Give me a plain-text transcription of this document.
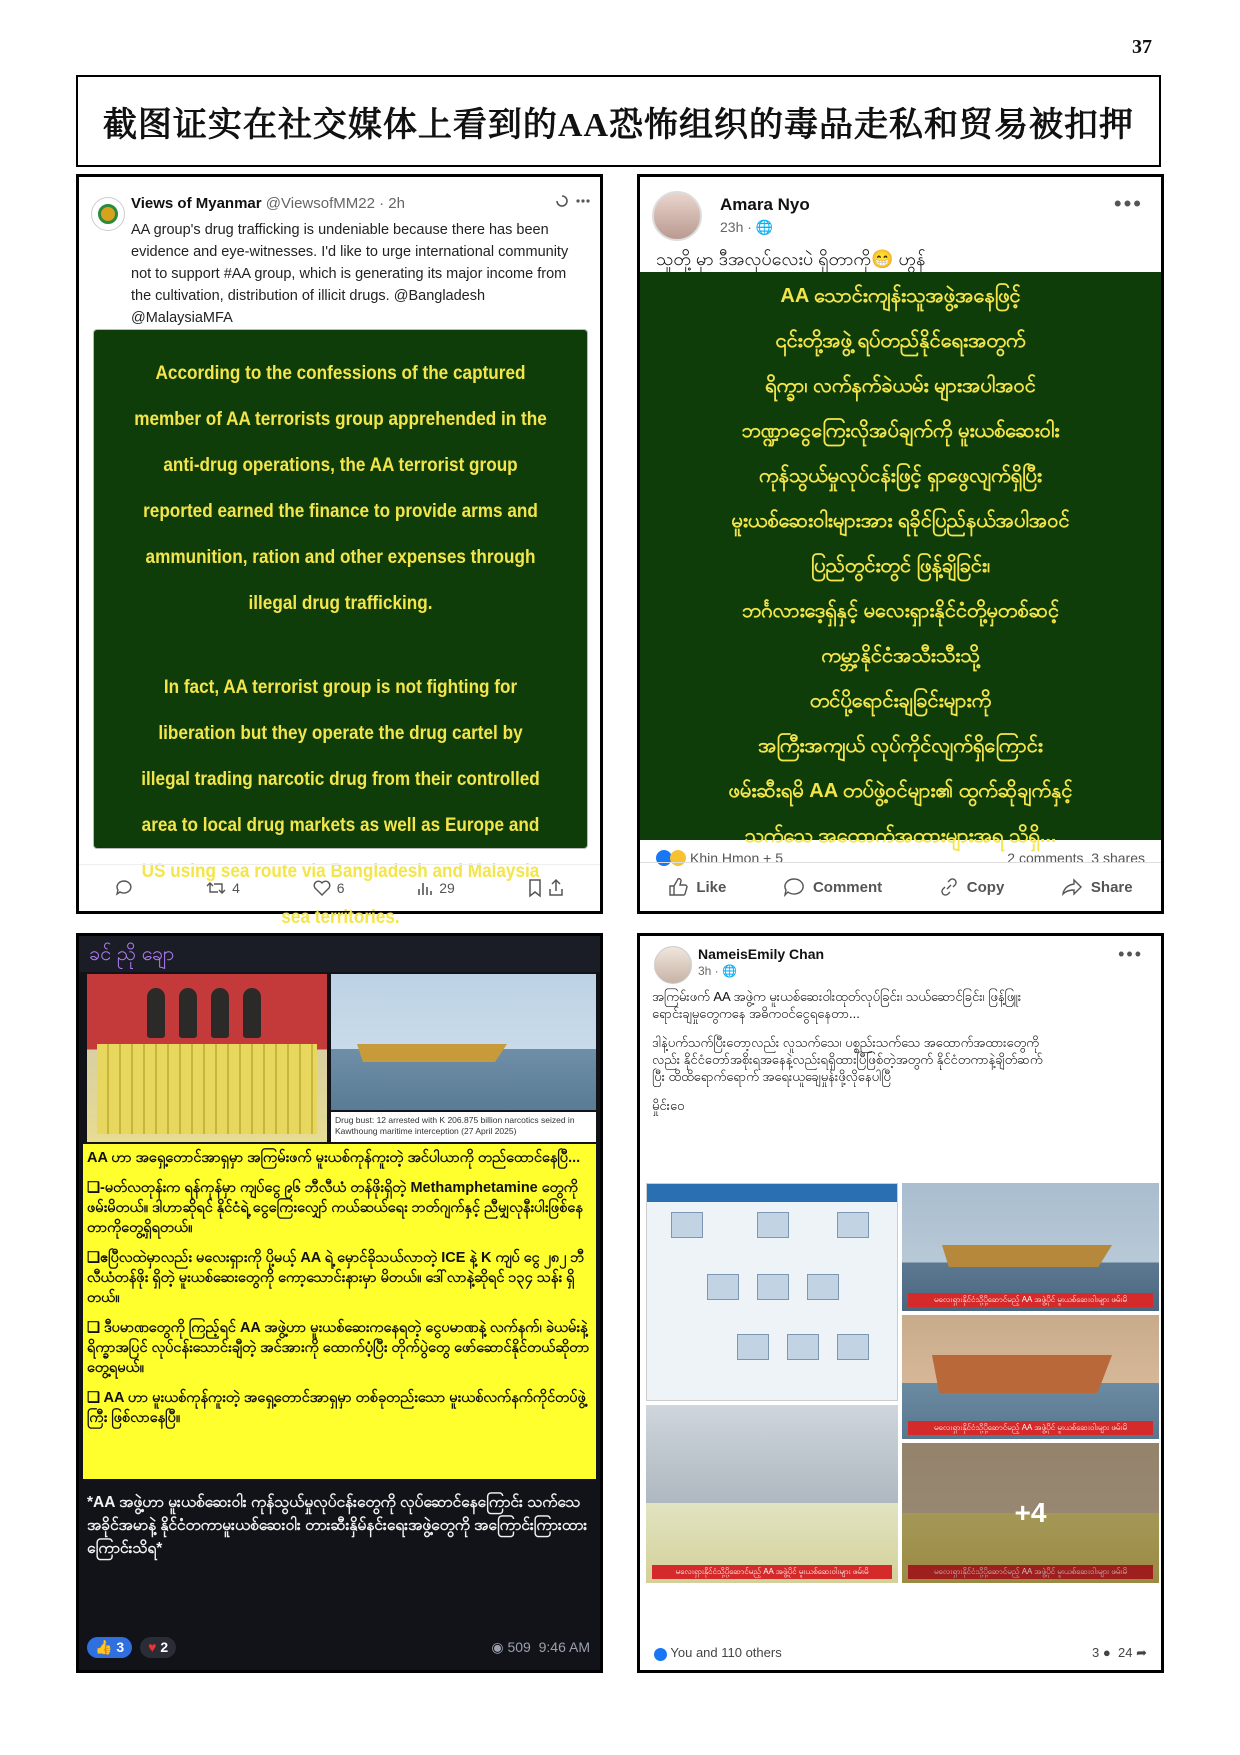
37
截图证实在社交媒体上看到的AA恐怖组织的毒品走私和贸易被扣押
Views of Myanmar @ViewsofMM22 · 2h
AA group's drug trafficking is undeniable because there has been evidence and eye-witnesses. I'd like to urge international community not to support #AA group, which is generating its major income from the cultivation, distribution of illicit drugs. @Bangladesh @MalaysiaMFA

According to the confessions of the captured member of AA terrorists group apprehended in the anti-drug operations, the AA terrorist group reported earned the finance to provide arms and ammunition, ration and other expenses through illegal drug trafficking.

In fact, AA terrorist group is not fighting for liberation but they operate the drug cartel by illegal trading narcotic drug from their controlled area to local drug markets as well as Europe and US using sea route via Bangladesh and Malaysia sea territories.

4	6	29
Amara Nyo
23h · 🌐
•••
သူတို့ မှာ ဒီအလုပ်လေးပဲ ရှိတာကို😁 ဟွန်

AA သောင်းကျန်းသူအဖွဲ့အနေဖြင့်

၎င်းတို့အဖွဲ့ ရပ်တည်နိုင်ရေးအတွက်

ရိက္ခာ၊ လက်နက်ခဲယမ်း များအပါအဝင်

ဘဏ္ဍာငွေကြေးလိုအပ်ချက်ကို မူးယစ်ဆေးဝါး

ကုန်သွယ်မှုလုပ်ငန်းဖြင့် ရှာဖွေလျက်ရှိပြီး

မူးယစ်ဆေးဝါးများအား ရခိုင်ပြည်နယ်အပါအဝင်

ပြည်တွင်းတွင် ဖြန့်ချိခြင်း၊

ဘင်္ဂလားဒေ့ရှ်နှင့် မလေးရှားနိုင်ငံတို့မှတစ်ဆင့်

ကမ္ဘာ့နိုင်ငံအသီးသီးသို့

တင်ပို့ရောင်းချခြင်းများကို

အကြီးအကျယ် လုပ်ကိုင်လျက်ရှိကြောင်း

ဖမ်းဆီးရမိ AA တပ်ဖွဲ့ဝင်များ၏ ထွက်ဆိုချက်နှင့်

သက်သေ အထောက်အထားများအရ သိရှိ...

Khin Hmon + 5	2 comments 3 shares
Like	Comment	Copy	Share
ခင် ညို ချော
Drug bust: 12 arrested with K 206.875 billion narcotics seized in Kawthoung maritime interception (27 April 2025)

AA ဟာ အရှေ့တောင်အာရှမှာ အကြမ်းဖက် မူးယစ်ကုန်ကူးတဲ့ အင်ပါယာကို တည်ထောင်နေပြီ...

❑-မတ်လတုန်းက ရန်ကုန်မှာ ကျပ်ငွေ ၉၆ ဘီလီယံ တန်ဖိုးရှိတဲ့ Methamphetamine တွေကို ဖမ်းမိတယ်။ ဒါဟာဆိုရင် နိုင်ငံရဲ့ ငွေကြေးလျှော် ကယ်ဆယ်ရေး ဘတ်ဂျက်နှင့် ညီမျှလုနီးပါးဖြစ်နေတာကိုတွေ့ရှိရတယ်။

❑ဧပြီလထဲမှာလည်း မလေးရှားကို ပို့မယ့် AA ရဲ့ မှောင်ခိုသယ်လာတဲ့ ICE နဲ့ K ကျပ် ငွေ ၂၈၂ ဘီလီယံတန်ဖိုး ရှိတဲ့ မူးယစ်ဆေးတွေကို ကော့သောင်းနားမှာ မိတယ်။ ဒေါ်လာနဲ့ဆိုရင် ၁၃၄ သန်း ရှိတယ်။

❑ ဒီပမာဏတွေကို ကြည့်ရင် AA အဖွဲ့ဟာ မူးယစ်ဆေးကနေရတဲ့ ငွေပမာဏနဲ့ လက်နက်၊ ခဲယမ်းနဲ့ ရိက္ခာအပြင် လုပ်ငန်းသောင်းချီတဲ့ အင်အားကို ထောက်ပံ့ပြီး တိုက်ပွဲတွေ ဖော်ဆောင်နိုင်တယ်ဆိုတာ တွေ့ရမယ်။

❑ AA ဟာ မူးယစ်ကုန်ကူးတဲ့ အရှေ့တောင်အာရှမှာ တစ်ခုတည်းသော မူးယစ်လက်နက်ကိုင်တပ်ဖွဲ့ကြီး ဖြစ်လာနေပြီ။

*AA အဖွဲ့ဟာ မူးယစ်ဆေးဝါး ကုန်သွယ်မှုလုပ်ငန်းတွေကို လုပ်ဆောင်နေကြောင်း သက်သေအခိုင်အမာနဲ့ နိုင်ငံတကာမူးယစ်ဆေးဝါး တားဆီးနှိမ်နင်းရေးအဖွဲ့တွေကို အကြောင်းကြားထားကြောင်းသိရ*
👍 3	♥ 2	◉ 509 9:46 AM
NameisEmily Chan
3h · 🌐
•••

အကြမ်းဖက် AA အဖွဲ့က မူးယစ်ဆေးဝါးထုတ်လုပ်ခြင်း၊ သယ်ဆောင်ခြင်း၊ ဖြန့်ဖြူးရောင်းချမှုတွေကနေ အဓိကဝင်ငွေရနေတာ...

ဒါနဲ့ပက်သက်ပြီးတော့လည်း လူသက်သေ၊ ပစ္စည်းသက်သေ အထောက်အထားတွေကိုလည်း နိုင်ငံတော်အစိုးရအနေနဲ့လည်းရရှိထားပြီဖြစ်တဲ့အတွက် နိုင်ငံတကာနဲ့ချိတ်ဆက်ပြီး ထိထိရောက်ရောက် အရေးယူချေမှုန်းဖို့လိုနေပါပြီ

မှိုင်းဝေ

မလေးရှားနိုင်ငံသို့ပို့ဆောင်မည့် AA အဖွဲ့ပိုင် မူးယစ်ဆေးဝါးများ ဖမ်းမိ
မလေးရှားနိုင်ငံသို့ပို့ဆောင်မည့် AA အဖွဲ့ပိုင် မူးယစ်ဆေးဝါးများ ဖမ်းမိ
မလေးရှားနိုင်ငံသို့ပို့ဆောင်မည့် AA အဖွဲ့ပိုင် မူးယစ်ဆေးဝါးများ ဖမ်းမိ	မလေးရှားနိုင်ငံသို့ပို့ဆောင်မည့် AA အဖွဲ့ပိုင် မူးယစ်ဆေးဝါးများ ဖမ်းမိ
+4
You and 110 others	3 ● 24 ➦
